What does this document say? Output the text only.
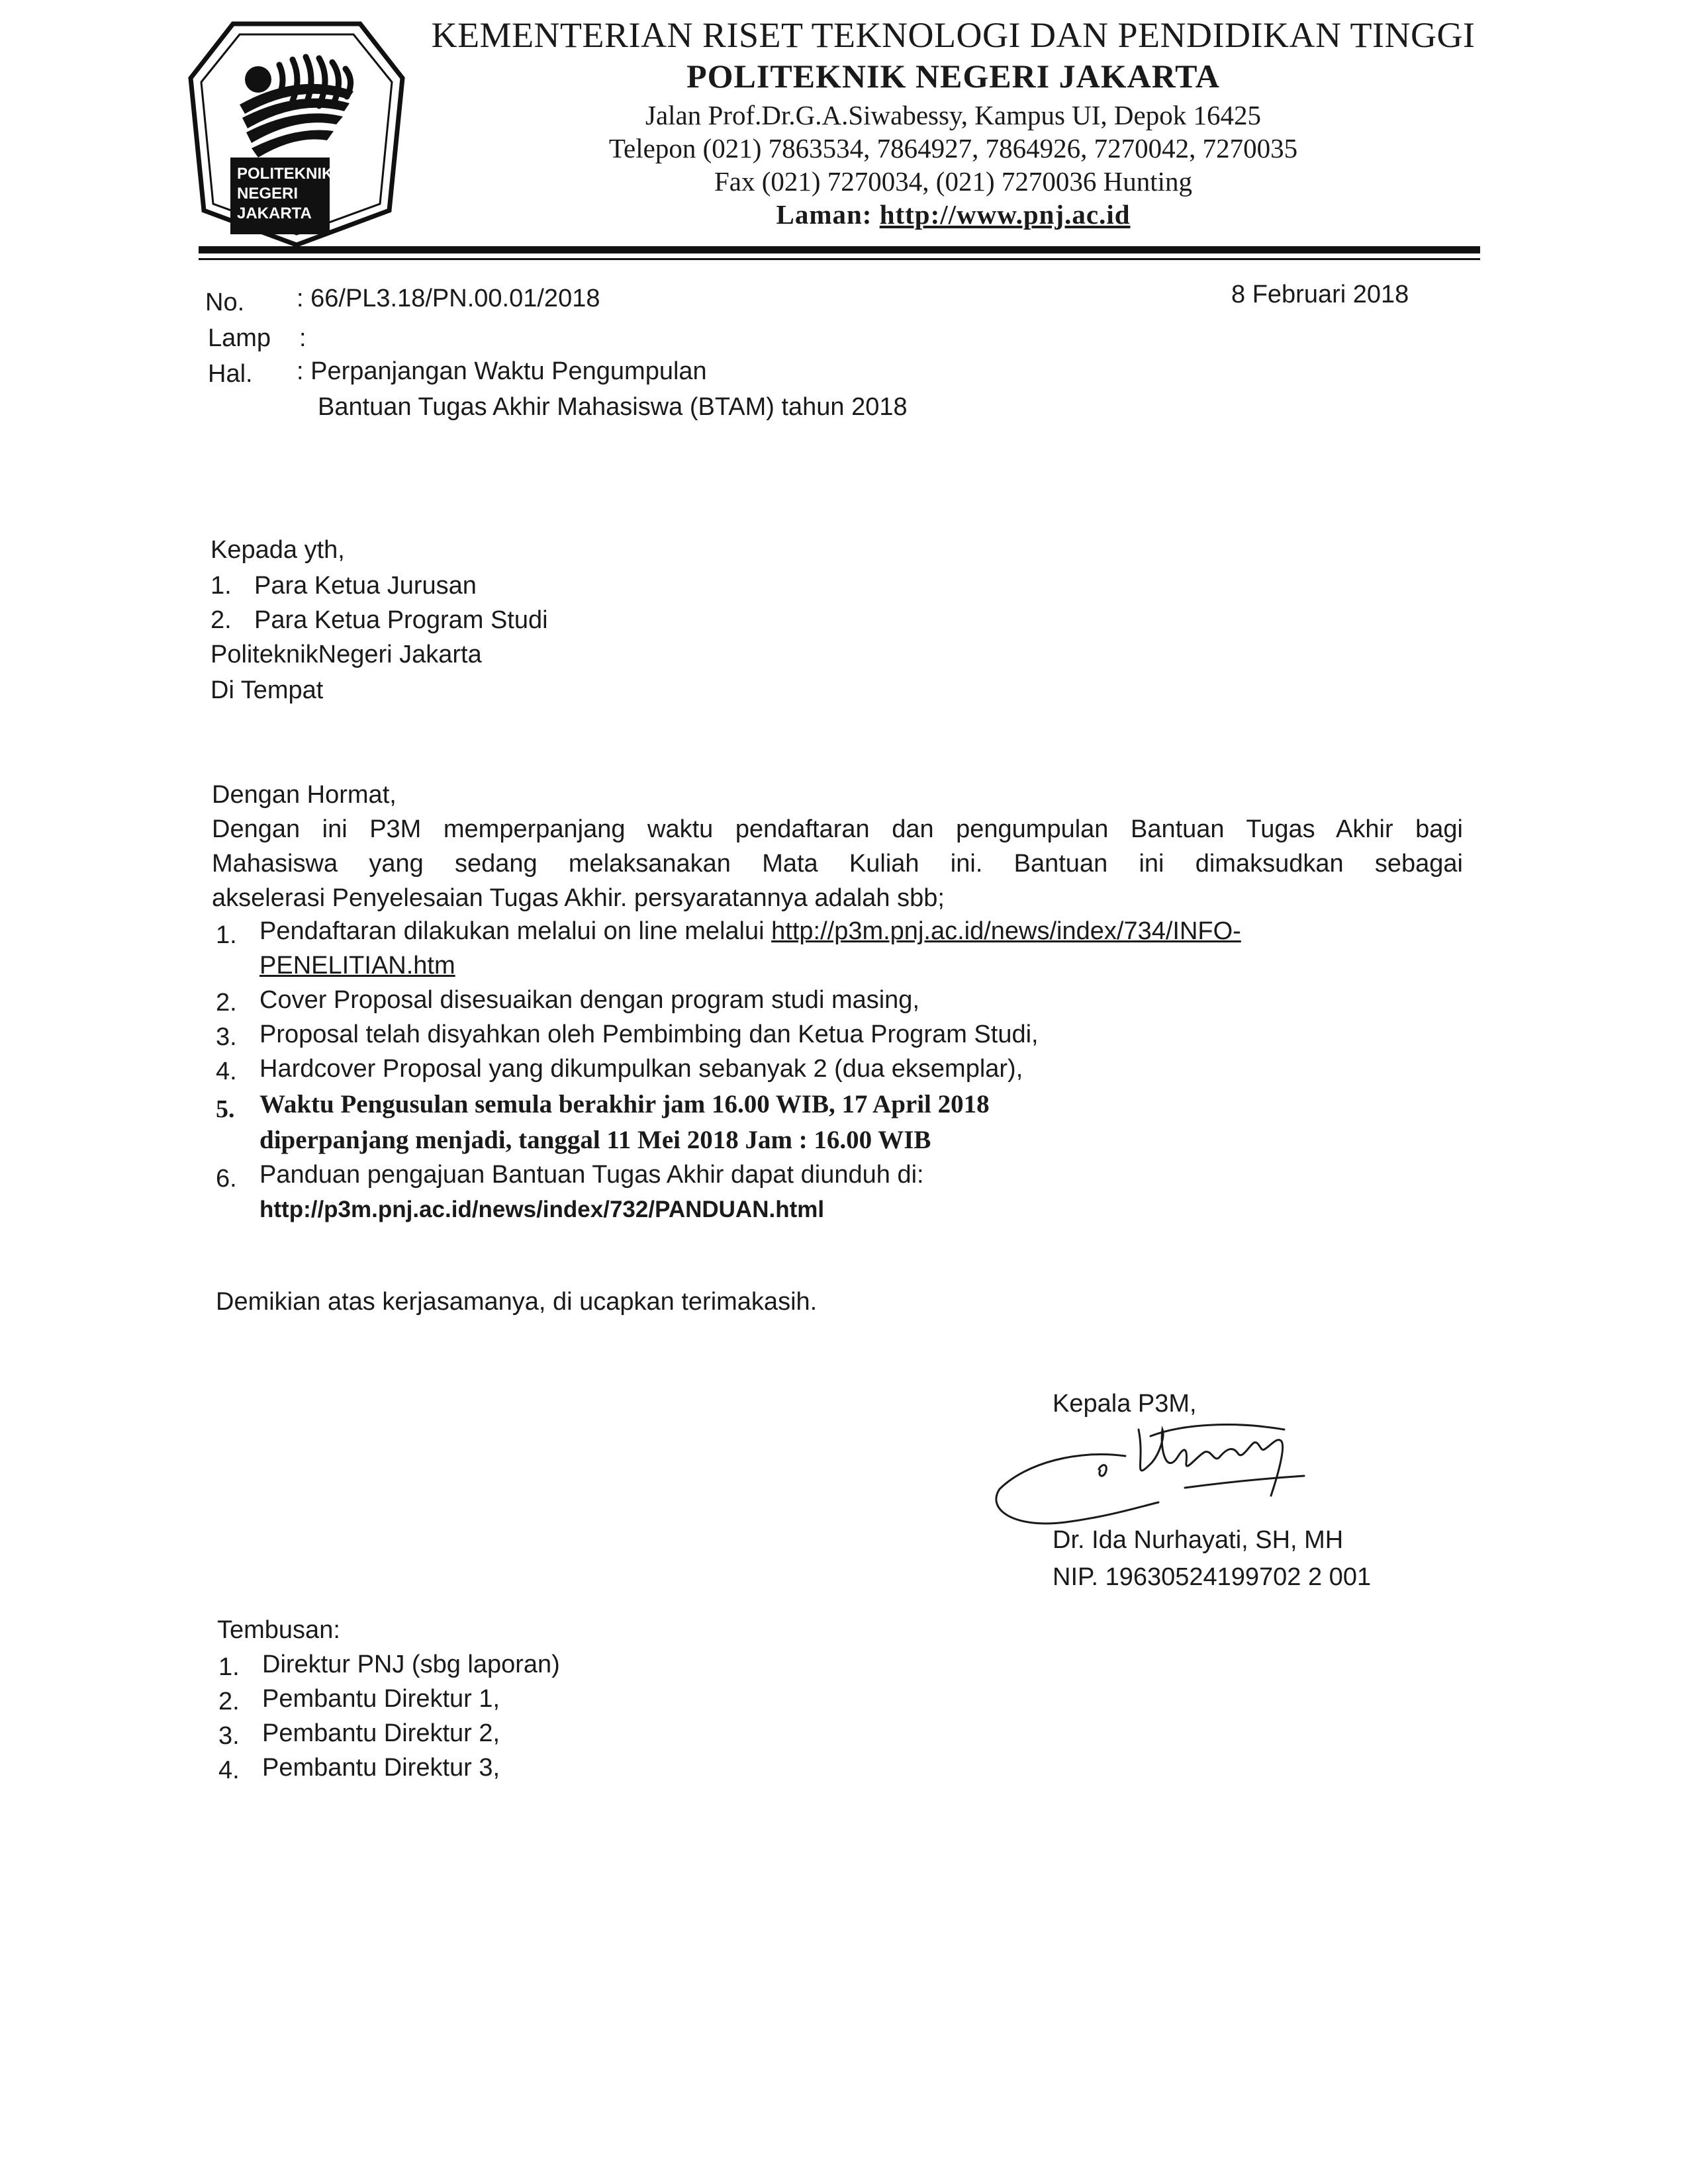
POLITEKNIK
NEGERI
JAKARTA
KEMENTERIAN RISET TEKNOLOGI DAN PENDIDIKAN TINGGI
POLITEKNIK NEGERI JAKARTA
Jalan Prof.Dr.G.A.Siwabessy, Kampus UI, Depok 16425
Telepon (021) 7863534, 7864927, 7864926, 7270042, 7270035
Fax (021) 7270034, (021) 7270036 Hunting
Laman: http://www.pnj.ac.id
No. : 66/PL3.18/PN.00.01/2018	8 Februari 2018
Lamp :
Hal. : Perpanjangan Waktu Pengumpulan
Bantuan Tugas Akhir Mahasiswa (BTAM) tahun 2018
Kepada yth,
1. Para Ketua Jurusan
2. Para Ketua Program Studi
PoliteknikNegeri Jakarta
Di Tempat
Dengan Hormat,
Dengan ini P3M memperpanjang waktu pendaftaran dan pengumpulan Bantuan Tugas Akhir bagi
Mahasiswa yang sedang melaksanakan Mata Kuliah ini. Bantuan ini dimaksudkan sebagai
akselerasi Penyelesaian Tugas Akhir. persyaratannya adalah sbb;
1. Pendaftaran dilakukan melalui on line melalui http://p3m.pnj.ac.id/news/index/734/INFO-
PENELITIAN.htm
2. Cover Proposal disesuaikan dengan program studi masing,
3. Proposal telah disyahkan oleh Pembimbing dan Ketua Program Studi,
4. Hardcover Proposal yang dikumpulkan sebanyak 2 (dua eksemplar),
5. Waktu Pengusulan semula berakhir jam 16.00 WIB, 17 April 2018
diperpanjang menjadi, tanggal 11 Mei 2018 Jam : 16.00 WIB
6. Panduan pengajuan Bantuan Tugas Akhir dapat diunduh di:
http://p3m.pnj.ac.id/news/index/732/PANDUAN.html
Demikian atas kerjasamanya, di ucapkan terimakasih.
Kepala P3M,
Dr. Ida Nurhayati, SH, MH
NIP. 19630524199702 2 001
Tembusan:
1. Direktur PNJ (sbg laporan)
2. Pembantu Direktur 1,
3. Pembantu Direktur 2,
4. Pembantu Direktur 3,
